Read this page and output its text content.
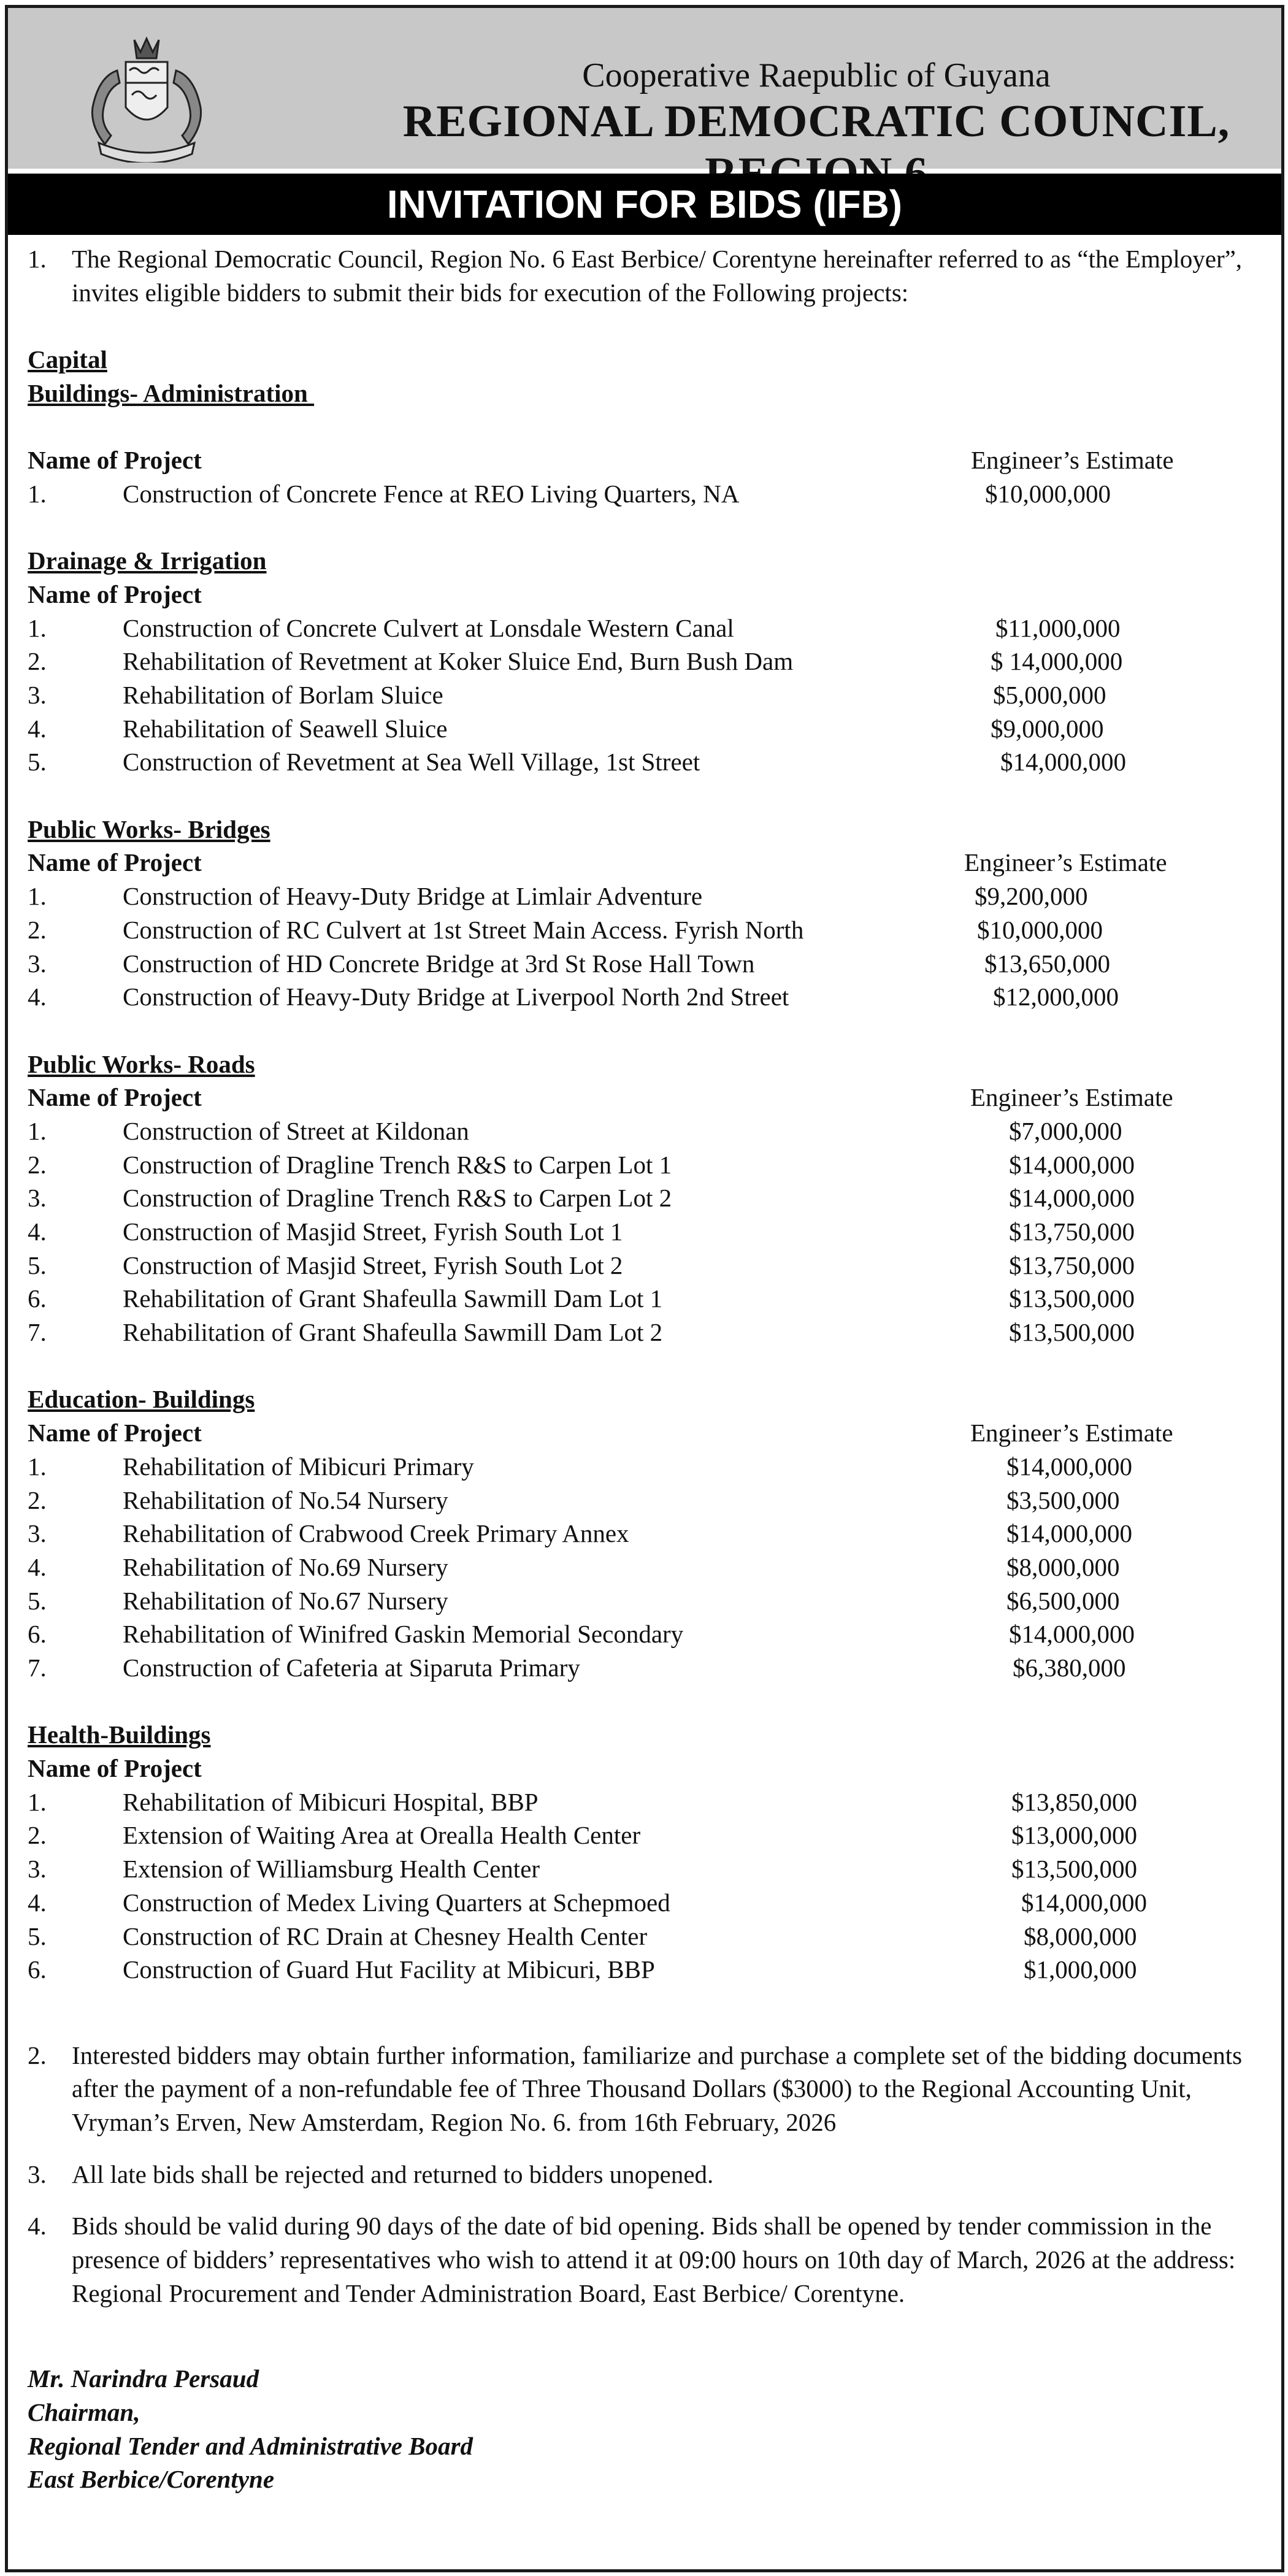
Cooperative Raepublic of Guyana
REGIONAL DEMOCRATIC COUNCIL,
INVITATION FOR BIDS (IFB)
1.	The Regional Democratic Council, Region No. 6 East Berbice/ Corentyne hereinafter referred to as “the Employer”, invites eligible bidders to submit their bids for execution of the Following projects:
Capital
Buildings- Administration
Name of Project	Engineer’s Estimate
1.	Construction of Concrete Fence at REO Living Quarters, NA	$10,000,000
Drainage & Irrigation
Name of Project
1.	Construction of Concrete Culvert at Lonsdale Western Canal	$11,000,000
2.	Rehabilitation of Revetment at Koker Sluice End, Burn Bush Dam	$ 14,000,000
3.	Rehabilitation of Borlam Sluice	$5,000,000
4.	Rehabilitation of Seawell Sluice	$9,000,000
5.	Construction of Revetment at Sea Well Village, 1st Street	$14,000,000
Public Works- Bridges
Name of Project	Engineer’s Estimate
1.	Construction of Heavy-Duty Bridge at Limlair Adventure	$9,200,000
2.	Construction of RC Culvert at 1st Street Main Access. Fyrish North	$10,000,000
3.	Construction of HD Concrete Bridge at 3rd St Rose Hall Town	$13,650,000
4.	Construction of Heavy-Duty Bridge at Liverpool North 2nd Street	$12,000,000
Public Works- Roads
Name of Project	Engineer’s Estimate
1.	Construction of Street at Kildonan	$7,000,000
2.	Construction of Dragline Trench R&S to Carpen Lot 1	$14,000,000
3.	Construction of Dragline Trench R&S to Carpen Lot 2	$14,000,000
4.	Construction of Masjid Street, Fyrish South Lot 1	$13,750,000
5.	Construction of Masjid Street, Fyrish South Lot 2	$13,750,000
6.	Rehabilitation of Grant Shafeulla Sawmill Dam Lot 1	$13,500,000
7.	Rehabilitation of Grant Shafeulla Sawmill Dam Lot 2	$13,500,000
Education- Buildings
Name of Project	Engineer’s Estimate
1.	Rehabilitation of Mibicuri Primary	$14,000,000
2.	Rehabilitation of No.54 Nursery	$3,500,000
3.	Rehabilitation of Crabwood Creek Primary Annex	$14,000,000
4.	Rehabilitation of No.69 Nursery	$8,000,000
5.	Rehabilitation of No.67 Nursery	$6,500,000
6.	Rehabilitation of Winifred Gaskin Memorial Secondary	$14,000,000
7.	Construction of Cafeteria at Siparuta Primary	$6,380,000
Health-Buildings
Name of Project
1.	Rehabilitation of Mibicuri Hospital, BBP	$13,850,000
2.	Extension of Waiting Area at Orealla Health Center	$13,000,000
3.	Extension of Williamsburg Health Center	$13,500,000
4.	Construction of Medex Living Quarters at Schepmoed	$14,000,000
5.	Construction of RC Drain at Chesney Health Center	$8,000,000
6.	Construction of Guard Hut Facility at Mibicuri, BBP	$1,000,000
2.	Interested bidders may obtain further information, familiarize and purchase a complete set of the bidding documents after the payment of a non-refundable fee of Three Thousand Dollars ($3000) to the Regional Accounting Unit, Vryman’s Erven, New Amsterdam, Region No. 6. from 16th February, 2026
3.	All late bids shall be rejected and returned to bidders unopened.
4.	Bids should be valid during 90 days of the date of bid opening. Bids shall be opened by tender commission in the presence of bidders’ representatives who wish to attend it at 09:00 hours on 10th day of March, 2026 at the address: Regional Procurement and Tender Administration Board, East Berbice/ Corentyne.
Mr. Narindra Persaud
Chairman,
Regional Tender and Administrative Board
East Berbice/Corentyne
